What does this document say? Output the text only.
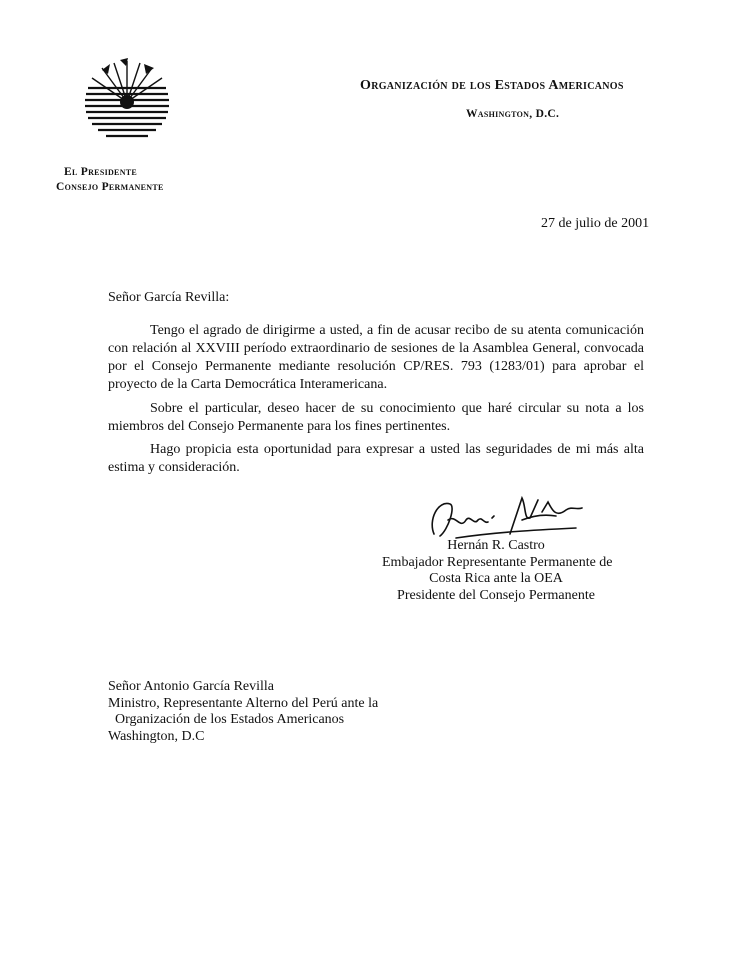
Organización de los Estados Americanos
Washington, D.C.
El Presidente
Consejo Permanente
27 de julio de 2001
Señor García Revilla:

Tengo el agrado de dirigirme a usted, a fin de acusar recibo de su atenta comunicación con relación al XXVIII período extraordinario de sesiones de la Asamblea General, convocada por el Consejo Permanente mediante resolución CP/RES. 793 (1283/01) para aprobar el proyecto de la Carta Democrática Interamericana.

Sobre el particular, deseo hacer de su conocimiento que haré circular su nota a los miembros del Consejo Permanente para los fines pertinentes.

Hago propicia esta oportunidad para expresar a usted las seguridades de mi más alta estima y consideración.

Hernán R. Castro
Embajador Representante Permanente de
Costa Rica ante la OEA
Presidente del Consejo Permanente
Señor Antonio García Revilla
Ministro, Representante Alterno del Perú ante la
Organización de los Estados Americanos
Washington, D.C
